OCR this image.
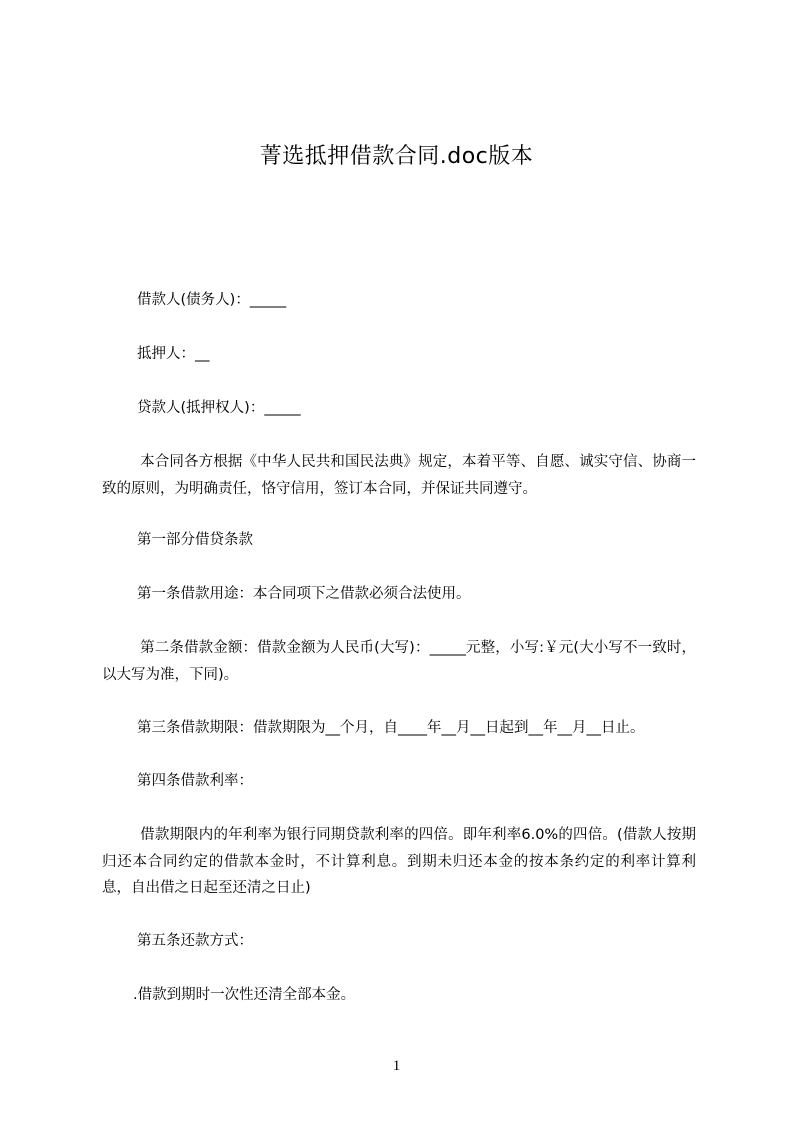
菁选抵押借款合同.doc版本
借款人(债务人)：_____
抵押人：__
贷款人(抵押权人)：_____
本合同各方根据《中华人民共和国民法典》规定，本着平等、自愿、诚实守信、协商一致的原则，为明确责任，恪守信用，签订本合同，并保证共同遵守。
第一部分借贷条款
第一条借款用途：本合同项下之借款必须合法使用。
第二条借款金额：借款金额为人民币(大写)：_____元整，小写:￥元(大小写不一致时，以大写为准，下同)。
第三条借款期限：借款期限为__个月，自____年__月__日起到__年__月__日止。
第四条借款利率：
借款期限内的年利率为银行同期贷款利率的四倍。即年利率6.0%的四倍。(借款人按期归还本合同约定的借款本金时，不计算利息。到期未归还本金的按本条约定的利率计算利息，自出借之日起至还清之日止)
第五条还款方式：
.借款到期时一次性还清全部本金。
1
